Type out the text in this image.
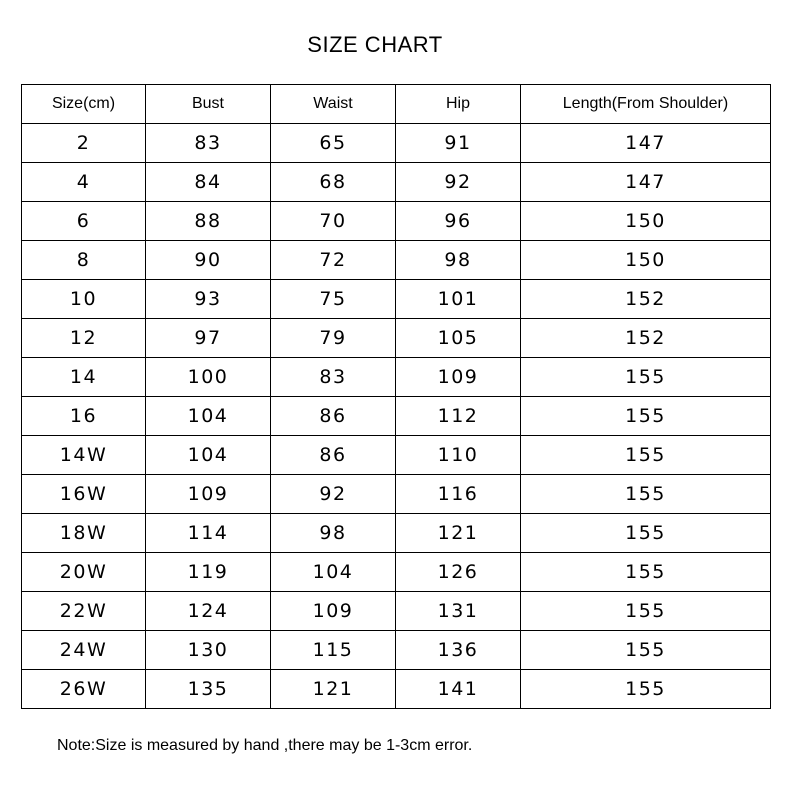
SIZE CHART
Size(cm)	Bust	Waist	Hip	Length(From Shoulder)
2	83	65	91	147
4	84	68	92	147
6	88	70	96	150
8	90	72	98	150
10	93	75	101	152
12	97	79	105	152
14	100	83	109	155
16	104	86	112	155
14W	104	86	110	155
16W	109	92	116	155
18W	114	98	121	155
20W	119	104	126	155
22W	124	109	131	155
24W	130	115	136	155
26W	135	121	141	155
Note:Size is measured by hand ,there may be 1-3cm error.
